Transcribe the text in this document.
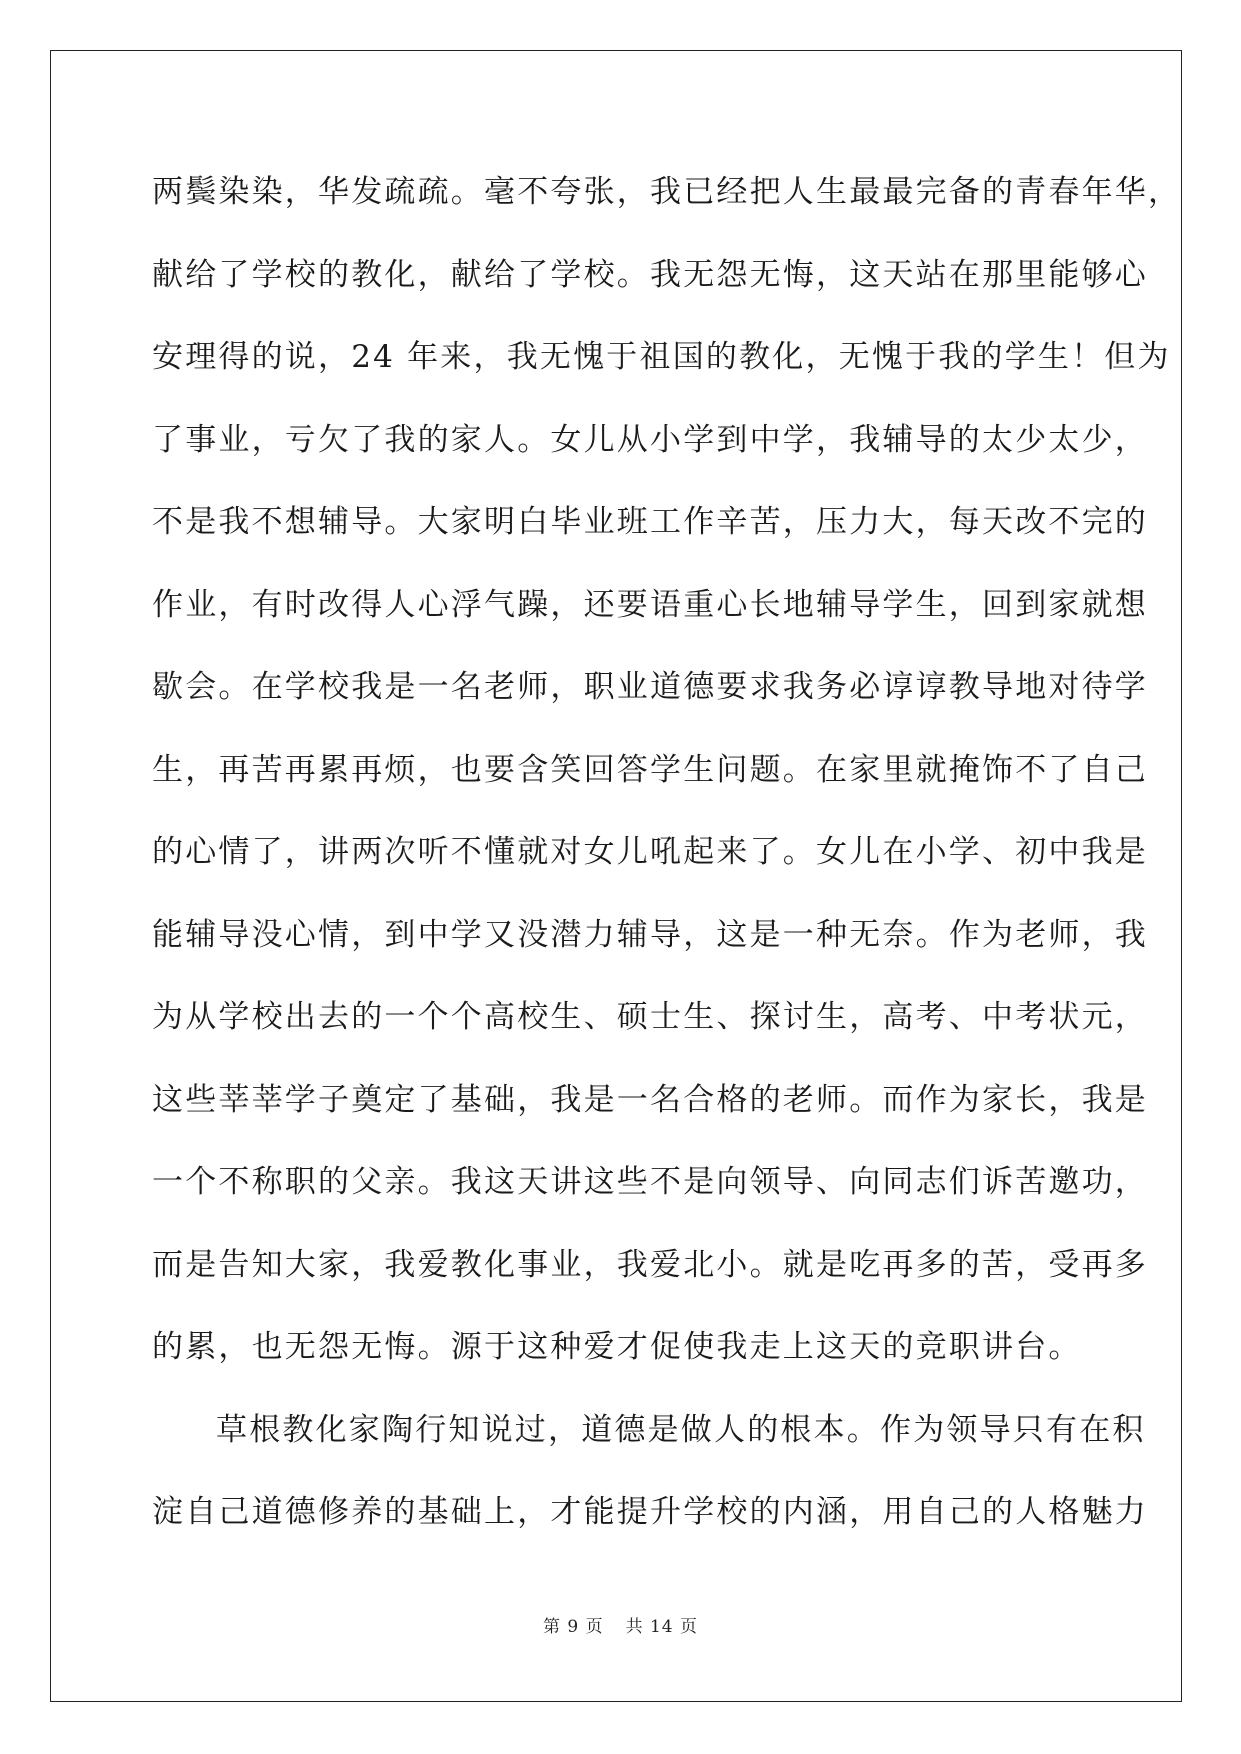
两鬓染染，华发疏疏。毫不夸张，我已经把人生最最完备的青春年华，
献给了学校的教化，献给了学校。我无怨无悔，这天站在那里能够心
安理得的说，24 年来，我无愧于祖国的教化，无愧于我的学生！但为
了事业，亏欠了我的家人。女儿从小学到中学，我辅导的太少太少，
不是我不想辅导。大家明白毕业班工作辛苦，压力大，每天改不完的
作业，有时改得人心浮气躁，还要语重心长地辅导学生，回到家就想
歇会。在学校我是一名老师，职业道德要求我务必谆谆教导地对待学
生，再苦再累再烦，也要含笑回答学生问题。在家里就掩饰不了自己
的心情了，讲两次听不懂就对女儿吼起来了。女儿在小学、初中我是
能辅导没心情，到中学又没潜力辅导，这是一种无奈。作为老师，我
为从学校出去的一个个高校生、硕士生、探讨生，高考、中考状元，
这些莘莘学子奠定了基础，我是一名合格的老师。而作为家长，我是
一个不称职的父亲。我这天讲这些不是向领导、向同志们诉苦邀功，
而是告知大家，我爱教化事业，我爱北小。就是吃再多的苦，受再多
的累，也无怨无悔。源于这种爱才促使我走上这天的竞职讲台。
草根教化家陶行知说过，道德是做人的根本。作为领导只有在积
淀自己道德修养的基础上，才能提升学校的内涵，用自己的人格魅力
第 9 页 共 14 页
